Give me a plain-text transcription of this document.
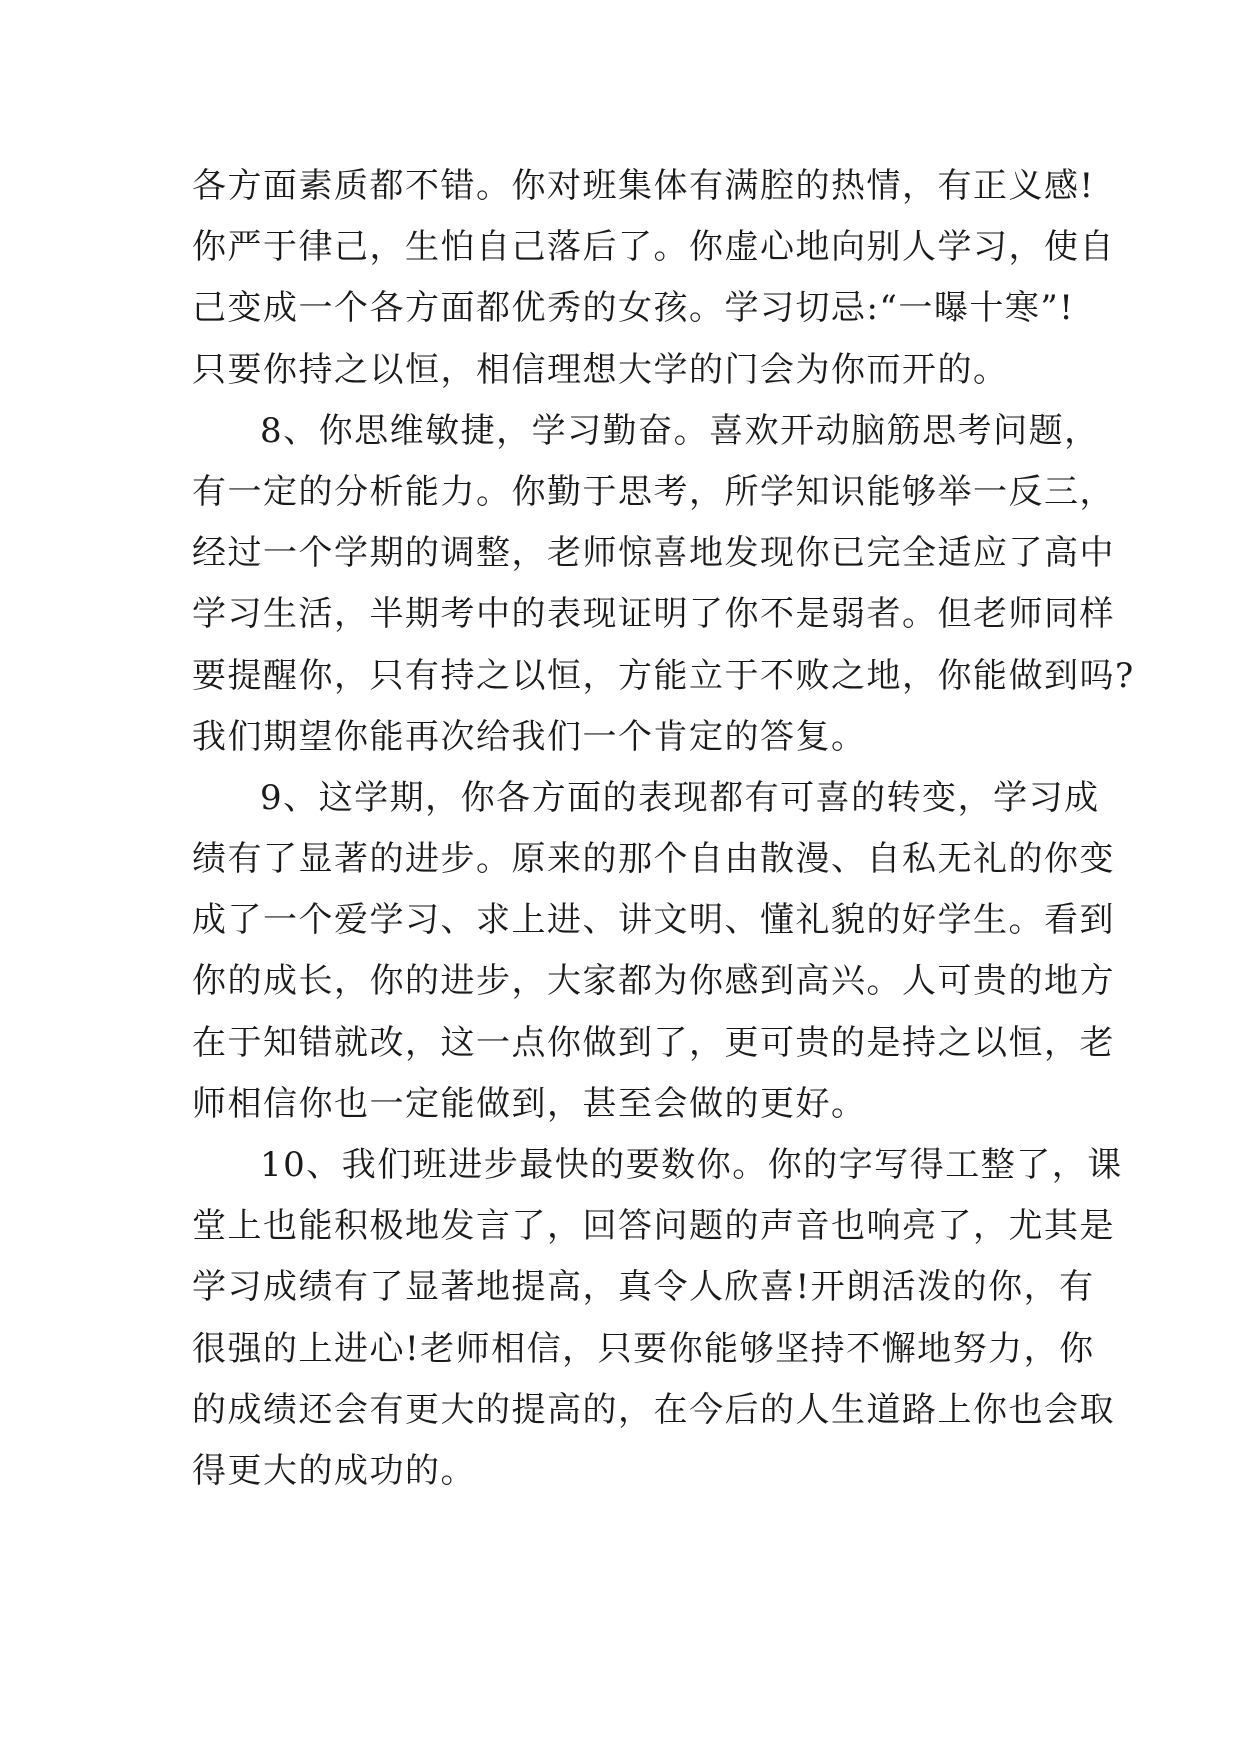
各方面素质都不错。你对班集体有满腔的热情，有正义感!
你严于律己，生怕自己落后了。你虚心地向别人学习，使自
己变成一个各方面都优秀的女孩。学习切忌:“一曝十寒”!
只要你持之以恒，相信理想大学的门会为你而开的。
8、你思维敏捷，学习勤奋。喜欢开动脑筋思考问题，
有一定的分析能力。你勤于思考，所学知识能够举一反三，
经过一个学期的调整，老师惊喜地发现你已完全适应了高中
学习生活，半期考中的表现证明了你不是弱者。但老师同样
要提醒你，只有持之以恒，方能立于不败之地，你能做到吗?
我们期望你能再次给我们一个肯定的答复。
9、这学期，你各方面的表现都有可喜的转变，学习成
绩有了显著的进步。原来的那个自由散漫、自私无礼的你变
成了一个爱学习、求上进、讲文明、懂礼貌的好学生。看到
你的成长，你的进步，大家都为你感到高兴。人可贵的地方
在于知错就改，这一点你做到了，更可贵的是持之以恒，老
师相信你也一定能做到，甚至会做的更好。
10、我们班进步最快的要数你。你的字写得工整了，课
堂上也能积极地发言了，回答问题的声音也响亮了，尤其是
学习成绩有了显著地提高，真令人欣喜!开朗活泼的你，有
很强的上进心!老师相信，只要你能够坚持不懈地努力，你
的成绩还会有更大的提高的，在今后的人生道路上你也会取
得更大的成功的。
